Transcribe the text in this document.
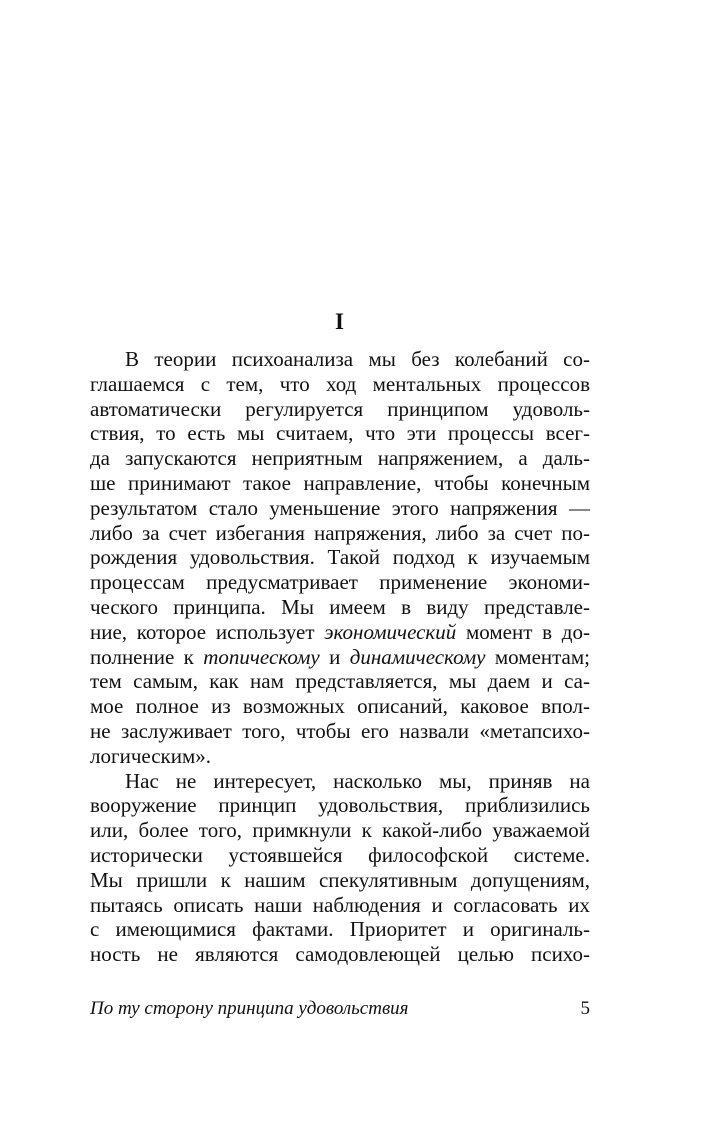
I
В теории психоанализа мы без колебаний со-
глашаемся с тем, что ход ментальных процессов
автоматически регулируется принципом удоволь-
ствия, то есть мы считаем, что эти процессы всег-
да запускаются неприятным напряжением, а даль-
ше принимают такое направление, чтобы конечным
результатом стало уменьшение этого напряжения —
либо за счет избегания напряжения, либо за счет по-
рождения удовольствия. Такой подход к изучаемым
процессам предусматривает применение экономи-
ческого принципа. Мы имеем в виду представле-
ние, которое использует экономический момент в до-
полнение к топическому и динамическому моментам;
тем самым, как нам представляется, мы даем и са-
мое полное из возможных описаний, каковое впол-
не заслуживает того, чтобы его назвали «метапсихо-
логическим».
Нас не интересует, насколько мы, приняв на
вооружение принцип удовольствия, приблизились
или, более того, примкнули к какой-либо уважаемой
исторически устоявшейся философской системе.
Мы пришли к нашим спекулятивным допущениям,
пытаясь описать наши наблюдения и согласовать их
с имеющимися фактами. Приоритет и оригиналь-
ность не являются самодовлеющей целью психо-
По ту сторону принципа удовольствия	5
